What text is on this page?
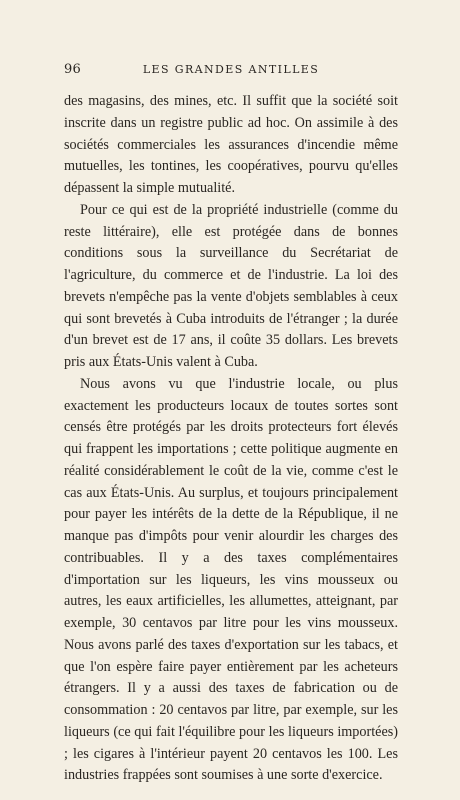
96	LES GRANDES ANTILLES

des magasins, des mines, etc. Il suffit que la société soit inscrite dans un registre public ad hoc. On assimile à des sociétés commerciales les assurances d'incendie même mutuelles, les tontines, les coopératives, pourvu qu'elles dépassent la simple mutualité.

Pour ce qui est de la propriété industrielle (comme du reste littéraire), elle est protégée dans de bonnes conditions sous la surveillance du Secrétariat de l'agriculture, du commerce et de l'industrie. La loi des brevets n'empêche pas la vente d'objets semblables à ceux qui sont brevetés à Cuba introduits de l'étranger ; la durée d'un brevet est de 17 ans, il coûte 35 dollars. Les brevets pris aux États-Unis valent à Cuba.

Nous avons vu que l'industrie locale, ou plus exactement les producteurs locaux de toutes sortes sont censés être protégés par les droits protecteurs fort élevés qui frappent les importations ; cette politique augmente en réalité considérablement le coût de la vie, comme c'est le cas aux États-Unis. Au surplus, et toujours principalement pour payer les intérêts de la dette de la République, il ne manque pas d'impôts pour venir alourdir les charges des contribuables. Il y a des taxes complémentaires d'importation sur les liqueurs, les vins mousseux ou autres, les eaux artificielles, les allumettes, atteignant, par exemple, 30 centavos par litre pour les vins mousseux. Nous avons parlé des taxes d'exportation sur les tabacs, et que l'on espère faire payer entièrement par les acheteurs étrangers. Il y a aussi des taxes de fabrication ou de consommation : 20 centavos par litre, par exemple, sur les liqueurs (ce qui fait l'équilibre pour les liqueurs importées) ; les cigares à l'intérieur payent 20 centavos les 100. Les industries frappées sont soumises à une sorte d'exercice.
